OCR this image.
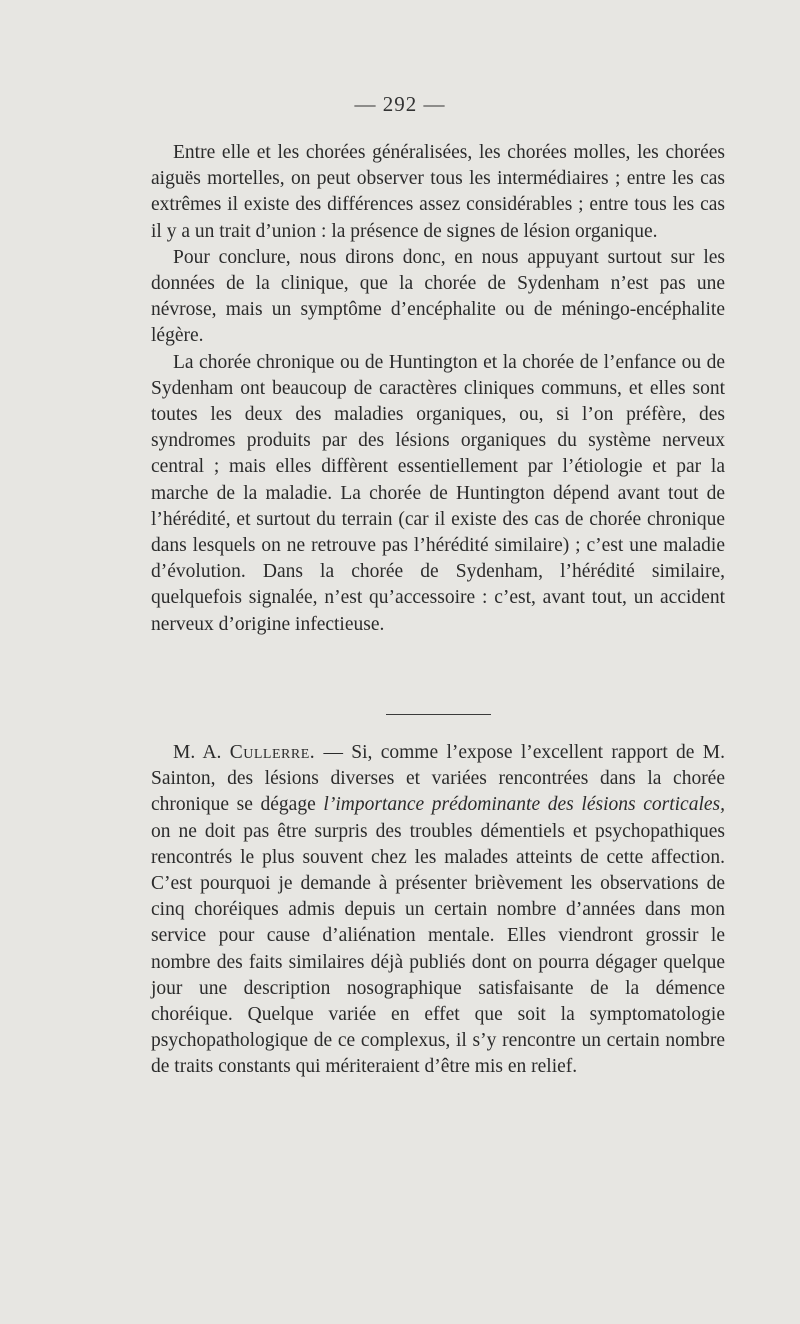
— 292 —

Entre elle et les chorées généralisées, les chorées molles, les chorées aiguës mortelles, on peut observer tous les intermédiaires ; entre les cas extrêmes il existe des différences assez considérables ; entre tous les cas il y a un trait d’union : la présence de signes de lésion organique.

Pour conclure, nous dirons donc, en nous appuyant surtout sur les données de la clinique, que la chorée de Sydenham n’est pas une névrose, mais un symptôme d’encéphalite ou de méningo-encéphalite légère.

La chorée chronique ou de Huntington et la chorée de l’enfance ou de Sydenham ont beaucoup de caractères cliniques communs, et elles sont toutes les deux des maladies organiques, ou, si l’on préfère, des syndromes produits par des lésions organiques du système nerveux central ; mais elles diffèrent essentiellement par l’étiologie et par la marche de la maladie. La chorée de Huntington dépend avant tout de l’hérédité, et surtout du terrain (car il existe des cas de chorée chronique dans lesquels on ne retrouve pas l’hérédité similaire) ; c’est une maladie d’évolution. Dans la chorée de Sydenham, l’hérédité similaire, quelquefois signalée, n’est qu’accessoire : c’est, avant tout, un accident nerveux d’origine infectieuse.

M. A. Cullerre. — Si, comme l’expose l’excellent rapport de M. Sainton, des lésions diverses et variées rencontrées dans la chorée chronique se dégage l’importance prédominante des lésions corticales, on ne doit pas être surpris des troubles démentiels et psychopathiques rencontrés le plus souvent chez les malades atteints de cette affection. C’est pourquoi je demande à présenter brièvement les observations de cinq choréiques admis depuis un certain nombre d’années dans mon service pour cause d’aliénation mentale. Elles viendront grossir le nombre des faits similaires déjà publiés dont on pourra dégager quelque jour une description nosographique satisfaisante de la démence choréique. Quelque variée en effet que soit la symptomatologie psychopathologique de ce complexus, il s’y rencontre un certain nombre de traits constants qui mériteraient d’être mis en relief.
